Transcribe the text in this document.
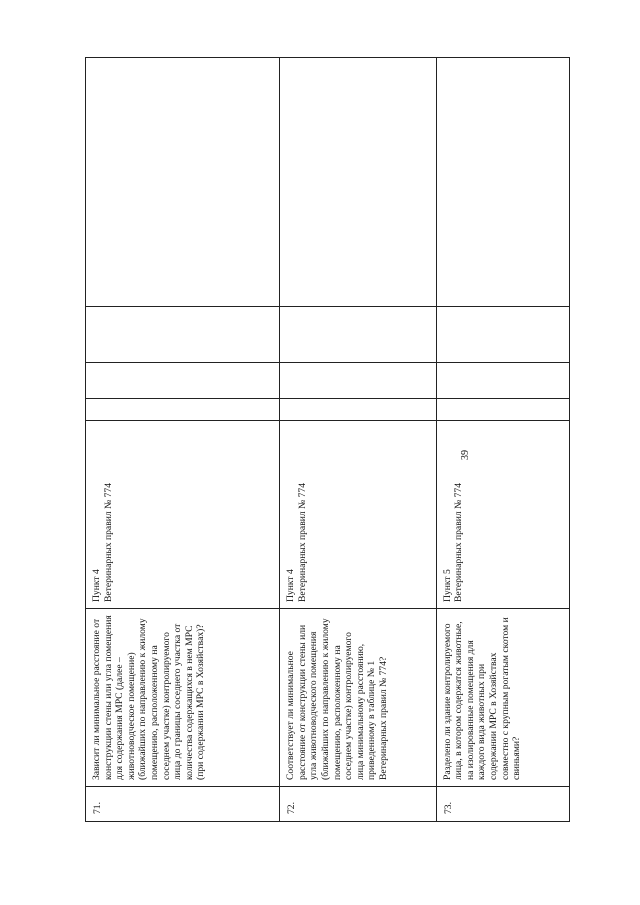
39
71.
Зависит ли минимальное расстояние от конструкции стены или угла помещения для содержания МРС (далее – животноводческое помещение) (ближайших по направлению к жилому помещению, расположенному на соседнем участке) контролируемого лица до границы соседнего участка от количества содержащихся в нем МРС (при содержании МРС в Хозяйствах)?
Пункт 4 Ветеринарных правил № 774
72.
Соответствует ли минимальное расстояние от конструкции стены или угла животноводческого помещения (ближайших по направлению к жилому помещению, расположенному на соседнем участке) контролируемого лица минимальному расстоянию, приведенному в таблице № 1 Ветеринарных правил № 774?
Пункт 4 Ветеринарных правил № 774
73.
Разделено ли здание контролируемого лица, в котором содержатся животные, на изолированные помещения для каждого вида животных при содержании МРС в Хозяйствах совместно с крупным рогатым скотом и свиньями?
Пункт 5 Ветеринарных правил № 774
